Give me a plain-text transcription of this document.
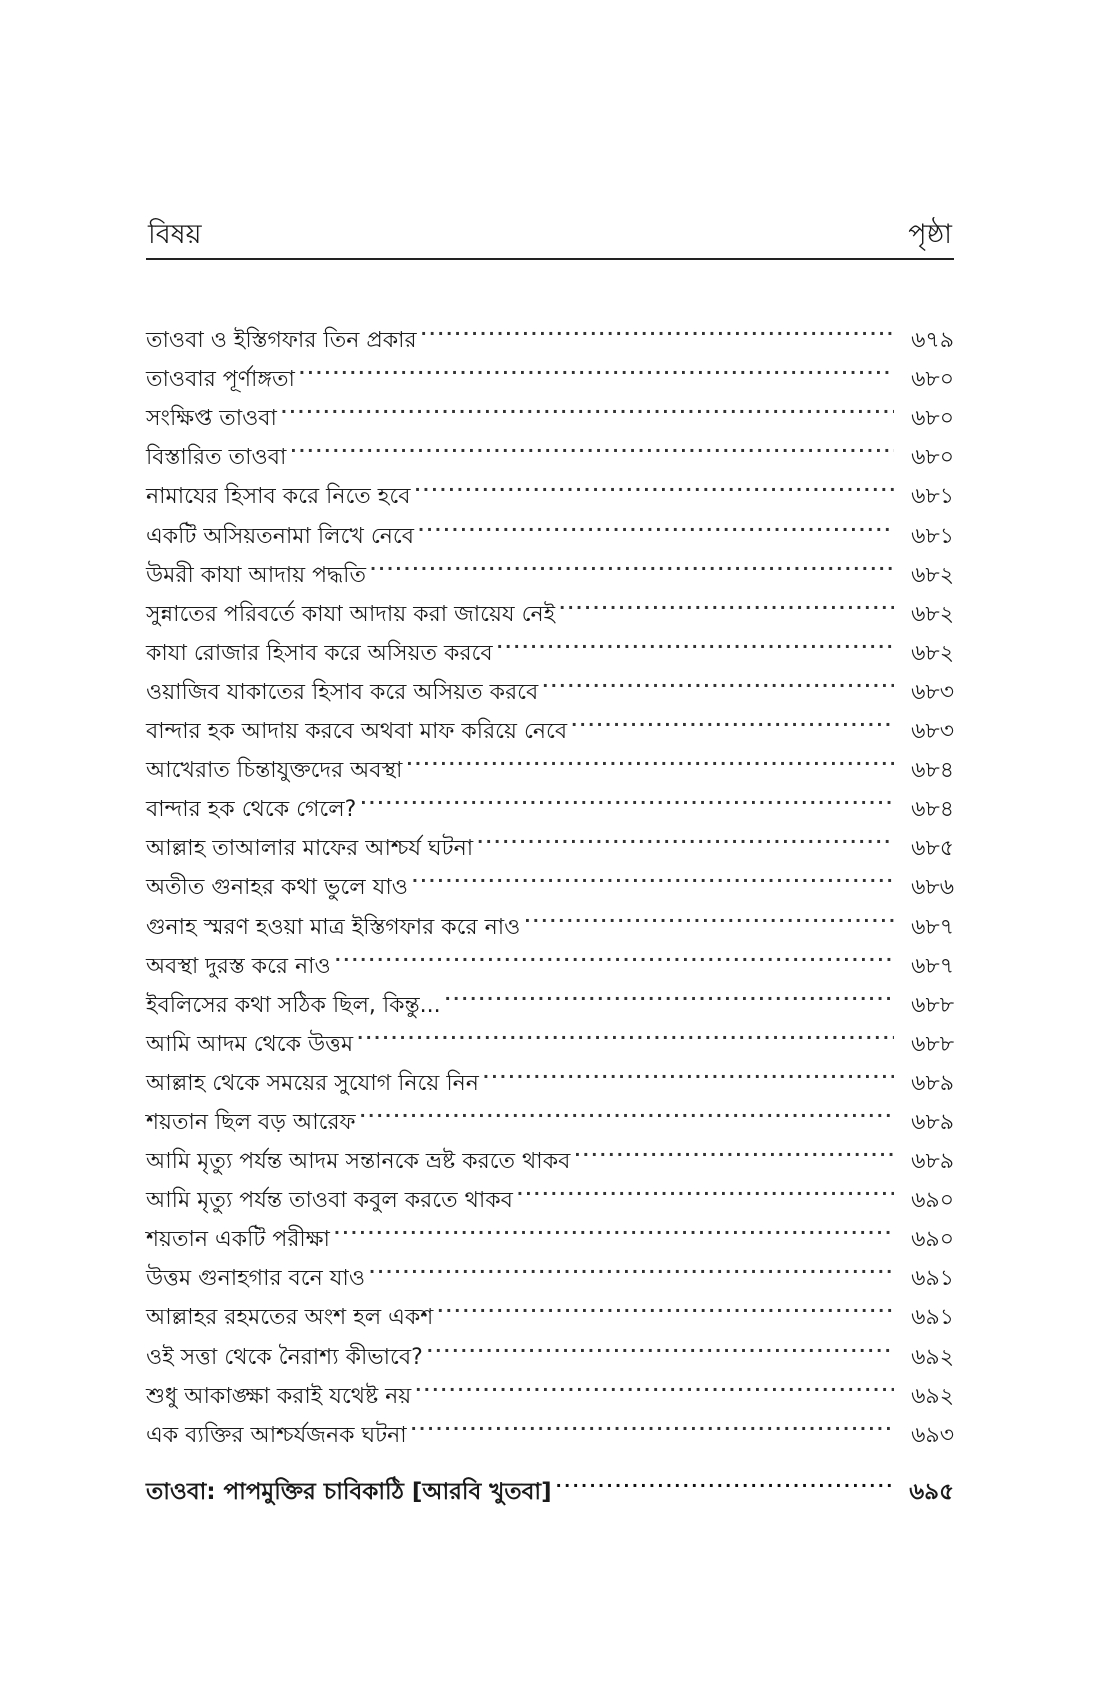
বিষয়	পৃষ্ঠা
তাওবা ও ইস্তিগফার তিন প্রকার .....	৬৭৯
তাওবার পূর্ণাঙ্গতা .....	৬৮০
সংক্ষিপ্ত তাওবা .....	৬৮০
বিস্তারিত তাওবা .....	৬৮০
নামাযের হিসাব করে নিতে হবে .....	৬৮১
একটি অসিয়তনামা লিখে নেবে .....	৬৮১
উমরী কাযা আদায় পদ্ধতি .....	৬৮২
সুন্নাতের পরিবর্তে কাযা আদায় করা জায়েয নেই .....	৬৮২
কাযা রোজার হিসাব করে অসিয়ত করবে .....	৬৮২
ওয়াজিব যাকাতের হিসাব করে অসিয়ত করবে .....	৬৮৩
বান্দার হক আদায় করবে অথবা মাফ করিয়ে নেবে .....	৬৮৩
আখেরাত চিন্তাযুক্তদের অবস্থা .....	৬৮৪
বান্দার হক থেকে গেলে? .....	৬৮৪
আল্লাহ তাআলার মাফের আশ্চর্য ঘটনা .....	৬৮৫
অতীত গুনাহর কথা ভুলে যাও .....	৬৮৬
গুনাহ স্মরণ হওয়া মাত্র ইস্তিগফার করে নাও .....	৬৮৭
অবস্থা দুরস্ত করে নাও .....	৬৮৭
ইবলিসের কথা সঠিক ছিল, কিন্তু... .....	৬৮৮
আমি আদম থেকে উত্তম .....	৬৮৮
আল্লাহ থেকে সময়ের সুযোগ নিয়ে নিন .....	৬৮৯
শয়তান ছিল বড় আরেফ .....	৬৮৯
আমি মৃত্যু পর্যন্ত আদম সন্তানকে ভ্রষ্ট করতে থাকব .....	৬৮৯
আমি মৃত্যু পর্যন্ত তাওবা কবুল করতে থাকব .....	৬৯০
শয়তান একটি পরীক্ষা .....	৬৯০
উত্তম গুনাহগার বনে যাও .....	৬৯১
আল্লাহর রহমতের অংশ হল একশ .....	৬৯১
ওই সত্তা থেকে নৈরাশ্য কীভাবে? .....	৬৯২
শুধু আকাঙ্ক্ষা করাই যথেষ্ট নয় .....	৬৯২
এক ব্যক্তির আশ্চর্যজনক ঘটনা .....	৬৯৩
তাওবা: পাপমুক্তির চাবিকাঠি [আরবি খুতবা] .....	৬৯৫
